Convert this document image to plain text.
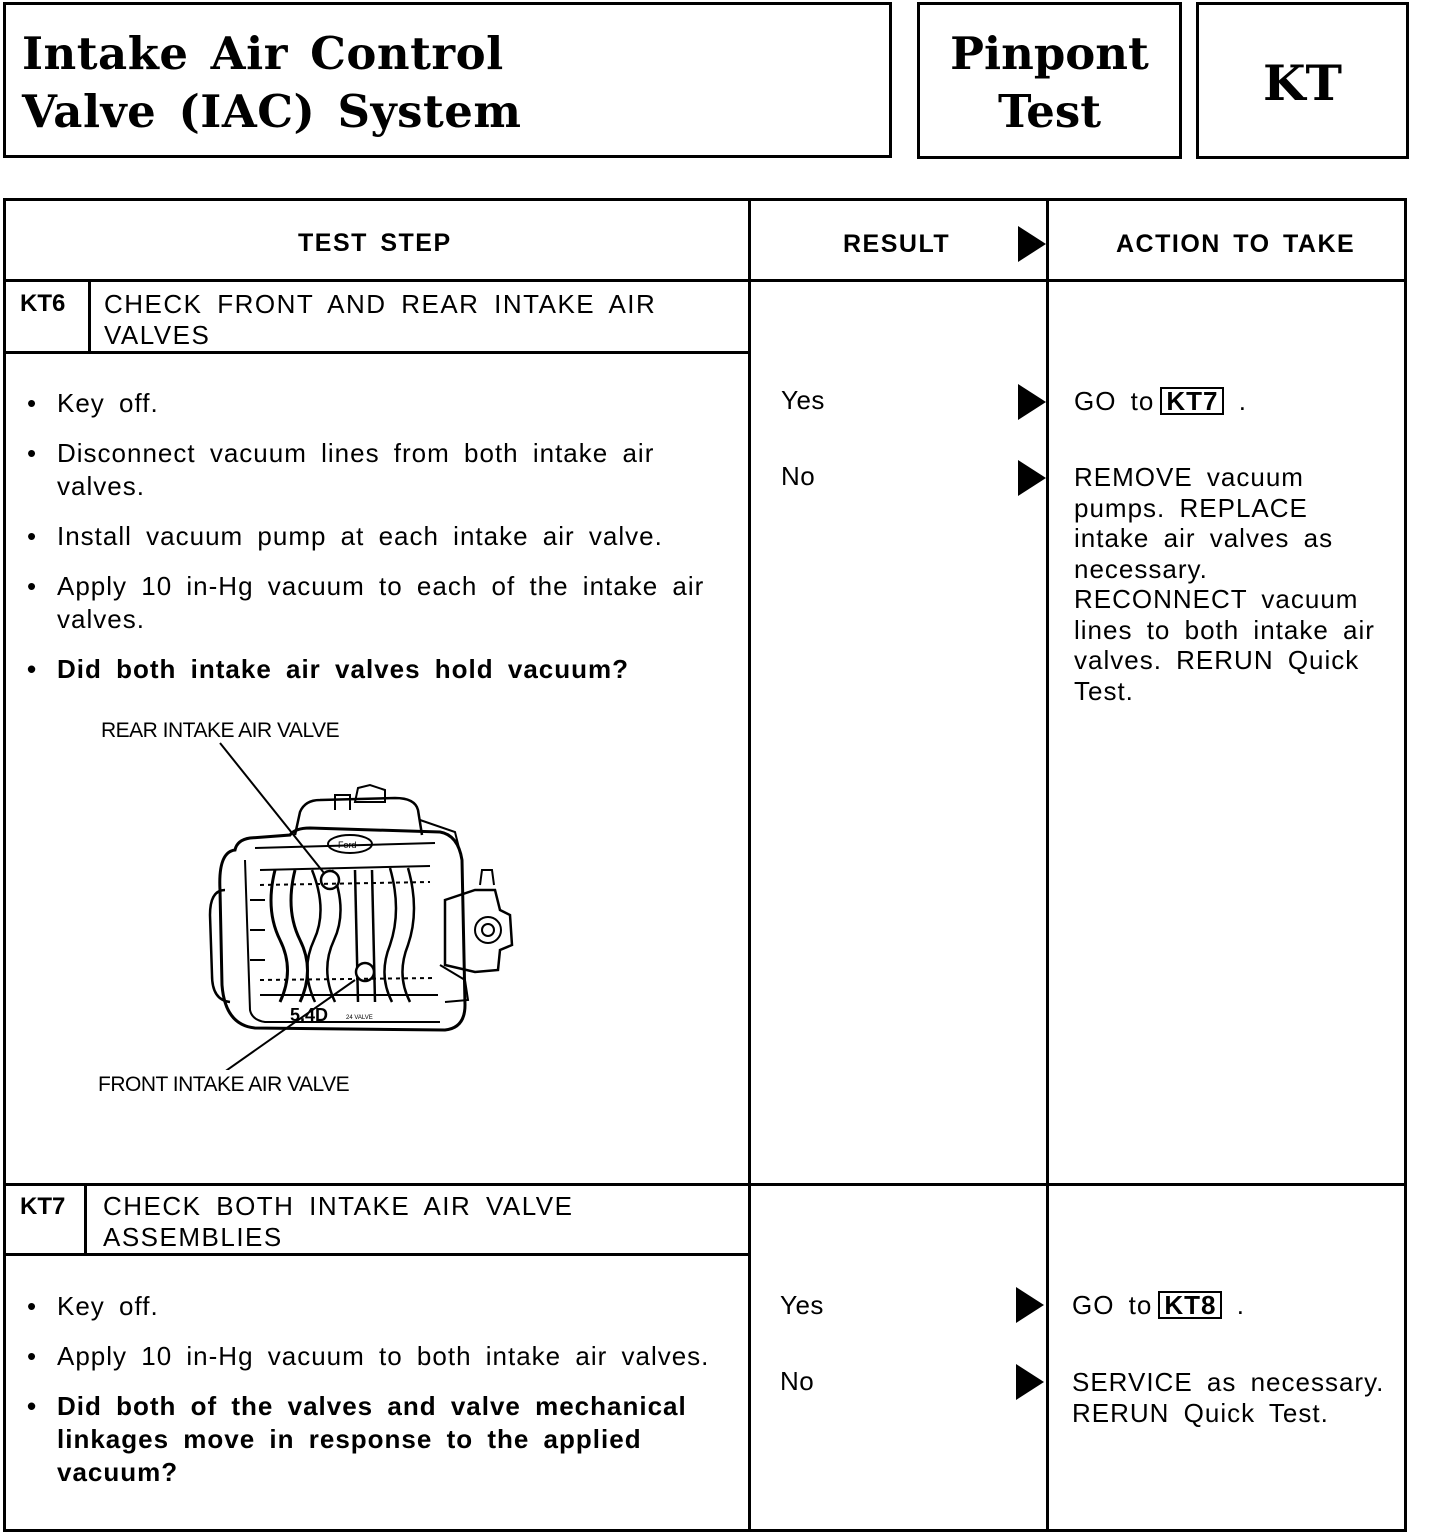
Intake Air Control Valve (IAC) System
Pinpont Test	KT
TEST STEP	RESULT	ACTION TO TAKE
KT6 CHECK FRONT AND REAR INTAKE AIR VALVES
• Key off.
• Disconnect vacuum lines from both intake air valves.
• Install vacuum pump at each intake air valve.
• Apply 10 in-Hg vacuum to each of the intake air valves.
• Did both intake air valves hold vacuum?
REAR INTAKE AIR VALVE
FRONT INTAKE AIR VALVE
Ford
5.4D	24 VALVE
Yes	GO to KT7 .
No	REMOVE vacuum pumps. REPLACE intake air valves as necessary. RECONNECT vacuum lines to both intake air valves. RERUN Quick Test.
KT7 CHECK BOTH INTAKE AIR VALVE ASSEMBLIES
• Key off.
• Apply 10 in-Hg vacuum to both intake air valves.
• Did both of the valves and valve mechanical linkages move in response to the applied vacuum?
Yes	GO to KT8 .
No	SERVICE as necessary. RERUN Quick Test.
